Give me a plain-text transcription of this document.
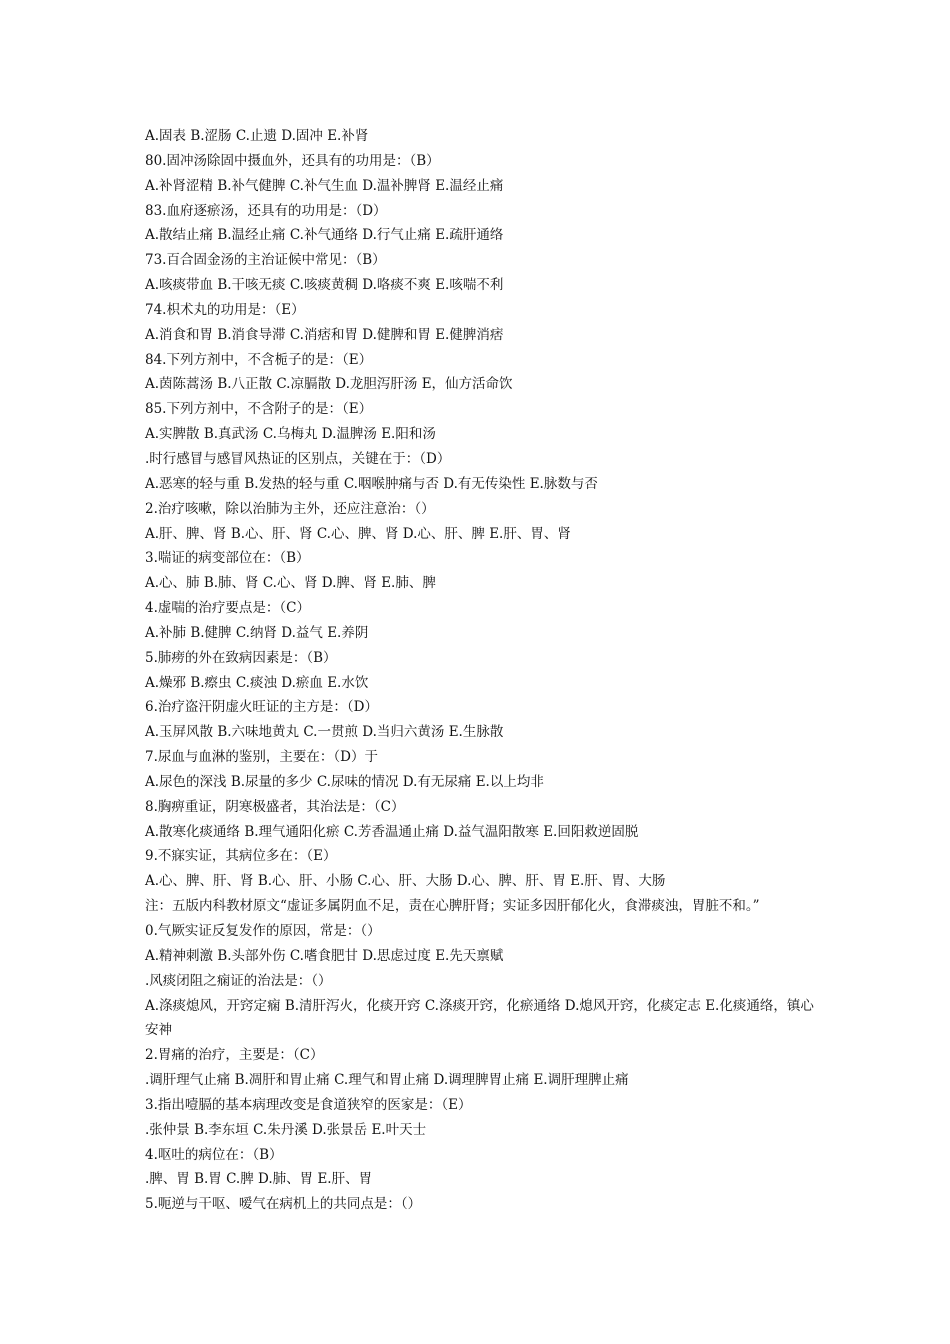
A.固表 B.涩肠 C.止遗 D.固冲 E.补肾
80.固冲汤除固中摄血外，还具有的功用是：（B）
A.补肾涩精 B.补气健脾 C.补气生血 D.温补脾肾 E.温经止痛
83.血府逐瘀汤，还具有的功用是：（D）
A.散结止痛 B.温经止痛 C.补气通络 D.行气止痛 E.疏肝通络
73.百合固金汤的主治证候中常见：（B）
A.咳痰带血 B.干咳无痰 C.咳痰黄稠 D.咯痰不爽 E.咳喘不利
74.枳术丸的功用是：（E）
A.消食和胃 B.消食导滞 C.消痞和胃 D.健脾和胃 E.健脾消痞
84.下列方剂中，不含栀子的是：（E）
A.茵陈蒿汤 B.八正散 C.凉膈散 D.龙胆泻肝汤 E，仙方活命饮
85.下列方剂中，不含附子的是：（E）
A.实脾散 B.真武汤 C.乌梅丸 D.温脾汤 E.阳和汤
.时行感冒与感冒风热证的区别点，关键在于：（D）
A.恶寒的轻与重 B.发热的轻与重 C.咽喉肿痛与否 D.有无传染性 E.脉数与否
2.治疗咳嗽，除以治肺为主外，还应注意治：（）
A.肝、脾、肾 B.心、肝、肾 C.心、脾、肾 D.心、肝、脾 E.肝、胃、肾
3.喘证的病变部位在：（B）
A.心、肺 B.肺、肾 C.心、肾 D.脾、肾 E.肺、脾
4.虚喘的治疗要点是：（C）
A.补肺 B.健脾 C.纳肾 D.益气 E.养阴
5.肺痨的外在致病因素是：（B）
A.燥邪 B.瘵虫 C.痰浊 D.瘀血 E.水饮
6.治疗盗汗阴虚火旺证的主方是：（D）
A.玉屏风散 B.六味地黄丸 C.一贯煎 D.当归六黄汤 E.生脉散
7.尿血与血淋的鉴别，主要在：（D）于
A.尿色的深浅 B.尿量的多少 C.尿味的情况 D.有无尿痛 E.以上均非
8.胸痹重证，阴寒极盛者，其治法是：（C）
A.散寒化痰通络 B.理气通阳化瘀 C.芳香温通止痛 D.益气温阳散寒 E.回阳救逆固脱
9.不寐实证，其病位多在：（E）
A.心、脾、肝、肾 B.心、肝、小肠 C.心、肝、大肠 D.心、脾、肝、胃 E.肝、胃、大肠
注：五版内科教材原文“虚证多属阴血不足，责在心脾肝肾；实证多因肝郁化火，食滞痰浊，胃脏不和。”
0.气厥实证反复发作的原因，常是：（）
A.精神刺激 B.头部外伤 C.嗜食肥甘 D.思虑过度 E.先天禀赋
.风痰闭阻之痫证的治法是：（）
A.涤痰熄风，开窍定痫 B.清肝泻火，化痰开窍 C.涤痰开窍，化瘀通络 D.熄风开窍，化痰定志 E.化痰通络，镇心安神
2.胃痛的治疗，主要是：（C）
.调肝理气止痛 B.凋肝和胃止痛 C.理气和胃止痛 D.调理脾胃止痛 E.调肝理脾止痛
3.指出噎膈的基本病理改变是食道狭窄的医家是：（E）
.张仲景 B.李东垣 C.朱丹溪 D.张景岳 E.叶天士
4.呕吐的病位在：（B）
.脾、胃 B.胃 C.脾 D.肺、胃 E.肝、胃
5.呃逆与干呕、嗳气在病机上的共同点是：（）
